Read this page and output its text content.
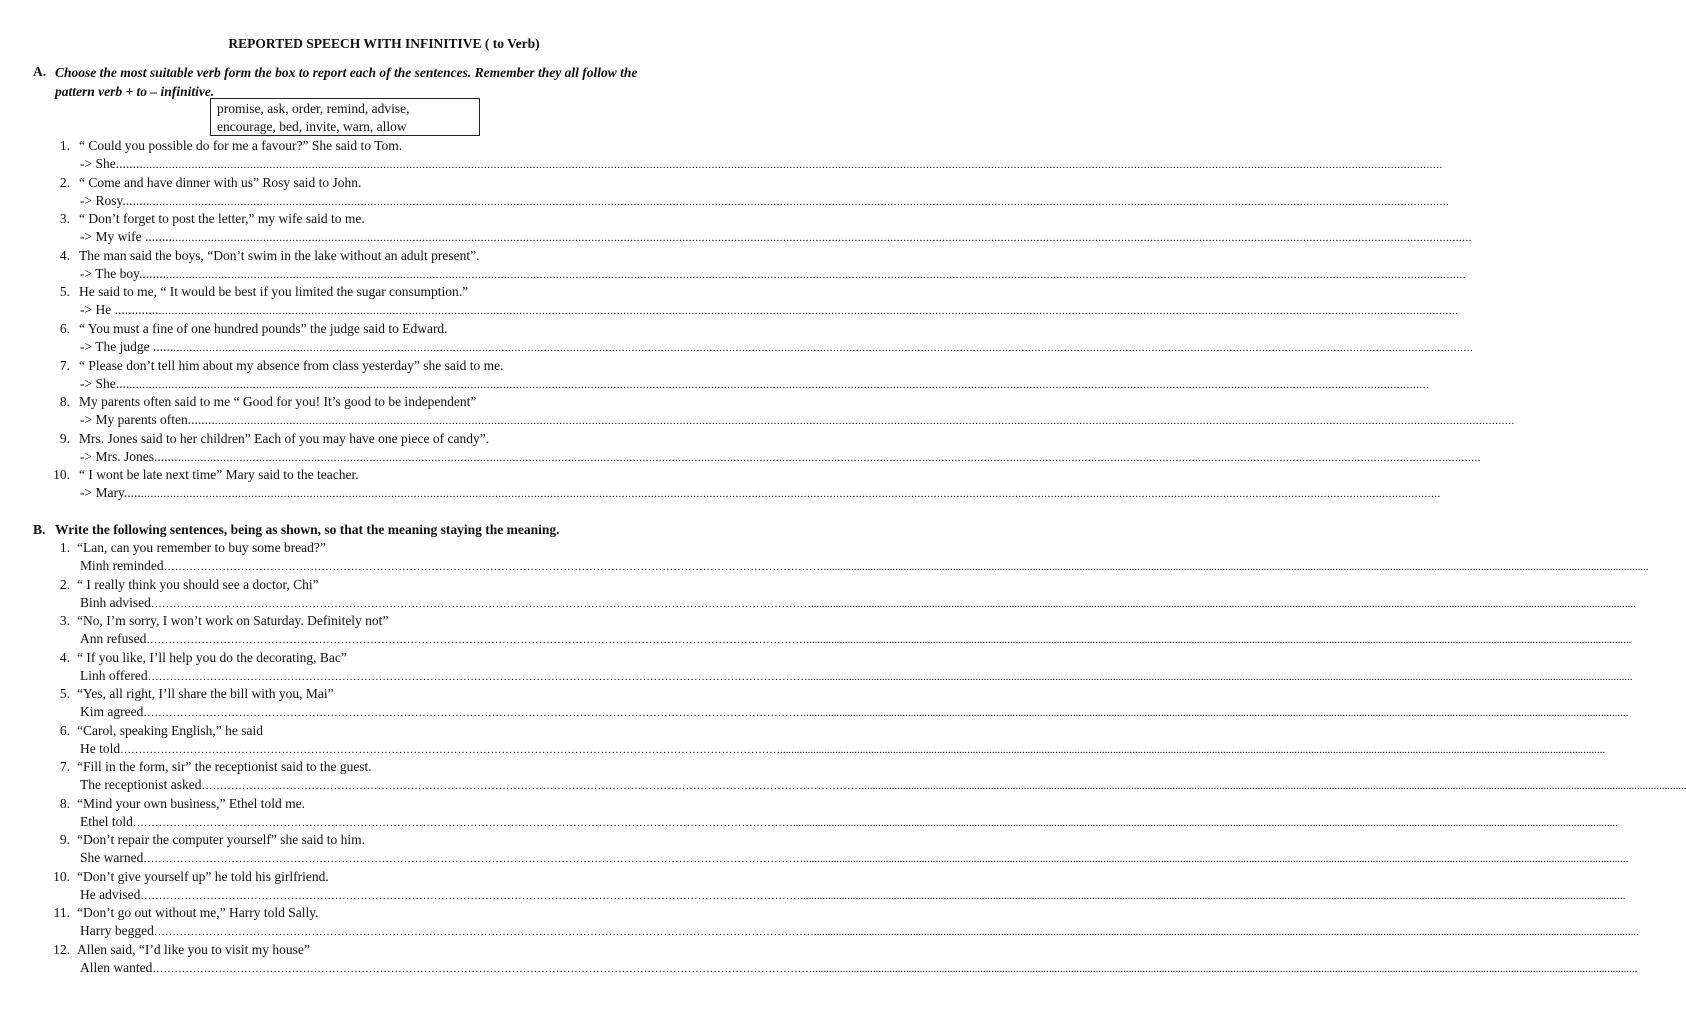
REPORTED SPEECH WITH INFINITIVE ( to Verb)
A. Choose the most suitable verb form the box to report each of the sentences. Remember they all follow the
pattern verb + to – infinitive.
promise, ask, order, remind, advise,
encourage, bed, invite, warn, allow
1. “ Could you possible do for me a favour?” She said to Tom.
-> She........ ................................................................................................................................................................................................................................................................................................................................................................................................................
2. “ Come and have dinner with us” Rosy said to John.
-> Rosy........ ................................................................................................................................................................................................................................................................................................................................................................................................................
3. “ Don’t forget to post the letter,” my wife said to me.
-> My wife ........ ................................................................................................................................................................................................................................................................................................................................................................................................................
4. The man said the boys, “Don’t swim in the lake without an adult present”.
-> The boy........ ................................................................................................................................................................................................................................................................................................................................................................................................................
5. He said to me, “ It would be best if you limited the sugar consumption.”
-> He ............. ................................................................................................................................................................................................................................................................................................................................................................................................................
6. “ You must a fine of one hundred pounds” the judge said to Edward.
-> The judge ...... ................................................................................................................................................................................................................................................................................................................................................................................................................
7. “ Please don’t tell him about my absence from class yesterday” she said to me.
-> She.... ................................................................................................................................................................................................................................................................................................................................................................................................................
8. My parents often said to me “ Good for you! It’s good to be independent”
-> My parents often........ ................................................................................................................................................................................................................................................................................................................................................................................................................
9. Mrs. Jones said to her children” Each of you may have one piece of candy”.
-> Mrs. Jones........ ................................................................................................................................................................................................................................................................................................................................................................................................................
10. “ I wont be late next time” Mary said to the teacher.
-> Mary..... ................................................................................................................................................................................................................................................................................................................................................................................................................
B. Write the following sentences, being as shown, so that the meaning staying the meaning.
1. “Lan, can you remember to buy some bread?”
Minh reminded ………………………………………………………………………………………………………………………………………………………………............................................................................................................................................................................................................................................................................................................
2. “ I really think you should see a doctor, Chi”
Binh advised ………………………………………………………………………………………………………………………………………………………………............................................................................................................................................................................................................................................................................................................
3. “No, I’m sorry, I won’t work on Saturday. Definitely not”
Ann refused ………………………………………………………………………………………………………………………………………………………………............................................................................................................................................................................................................................................................................................................
4. “ If you like, I’ll help you do the decorating, Bac”
Linh offered ………………………………………………………………………………………………………………………………………………………………............................................................................................................................................................................................................................................................................................................
5. “Yes, all right, I’ll share the bill with you, Mai”
Kim agreed ………………………………………………………………………………………………………………………………………………………………............................................................................................................................................................................................................................................................................................................
6. “Carol, speaking English,” he said
He told ………………………………………………………………………………………………………………………………………………………………............................................................................................................................................................................................................................................................................................................
7. “Fill in the form, sir” the receptionist said to the guest.
The receptionist asked ………………………………………………………………………………………………………………………………………………………………............................................................................................................................................................................................................................................................................................................
8. “Mind your own business,” Ethel told me.
Ethel told ………………………………………………………………………………………………………………………………………………………………............................................................................................................................................................................................................................................................................................................
9. “Don’t repair the computer yourself” she said to him.
She warned ………………………………………………………………………………………………………………………………………………………………............................................................................................................................................................................................................................................................................................................
10. “Don’t give yourself up” he told his girlfriend.
He advised ………………………………………………………………………………………………………………………………………………………………............................................................................................................................................................................................................................................................................................................
11. “Don’t go out without me,” Harry told Sally.
Harry begged ………………………………………………………………………………………………………………………………………………………………............................................................................................................................................................................................................................................................................................................
12. Allen said, “I’d like you to visit my house”
Allen wanted ………………………………………………………………………………………………………………………………………………………………............................................................................................................................................................................................................................................................................................................
